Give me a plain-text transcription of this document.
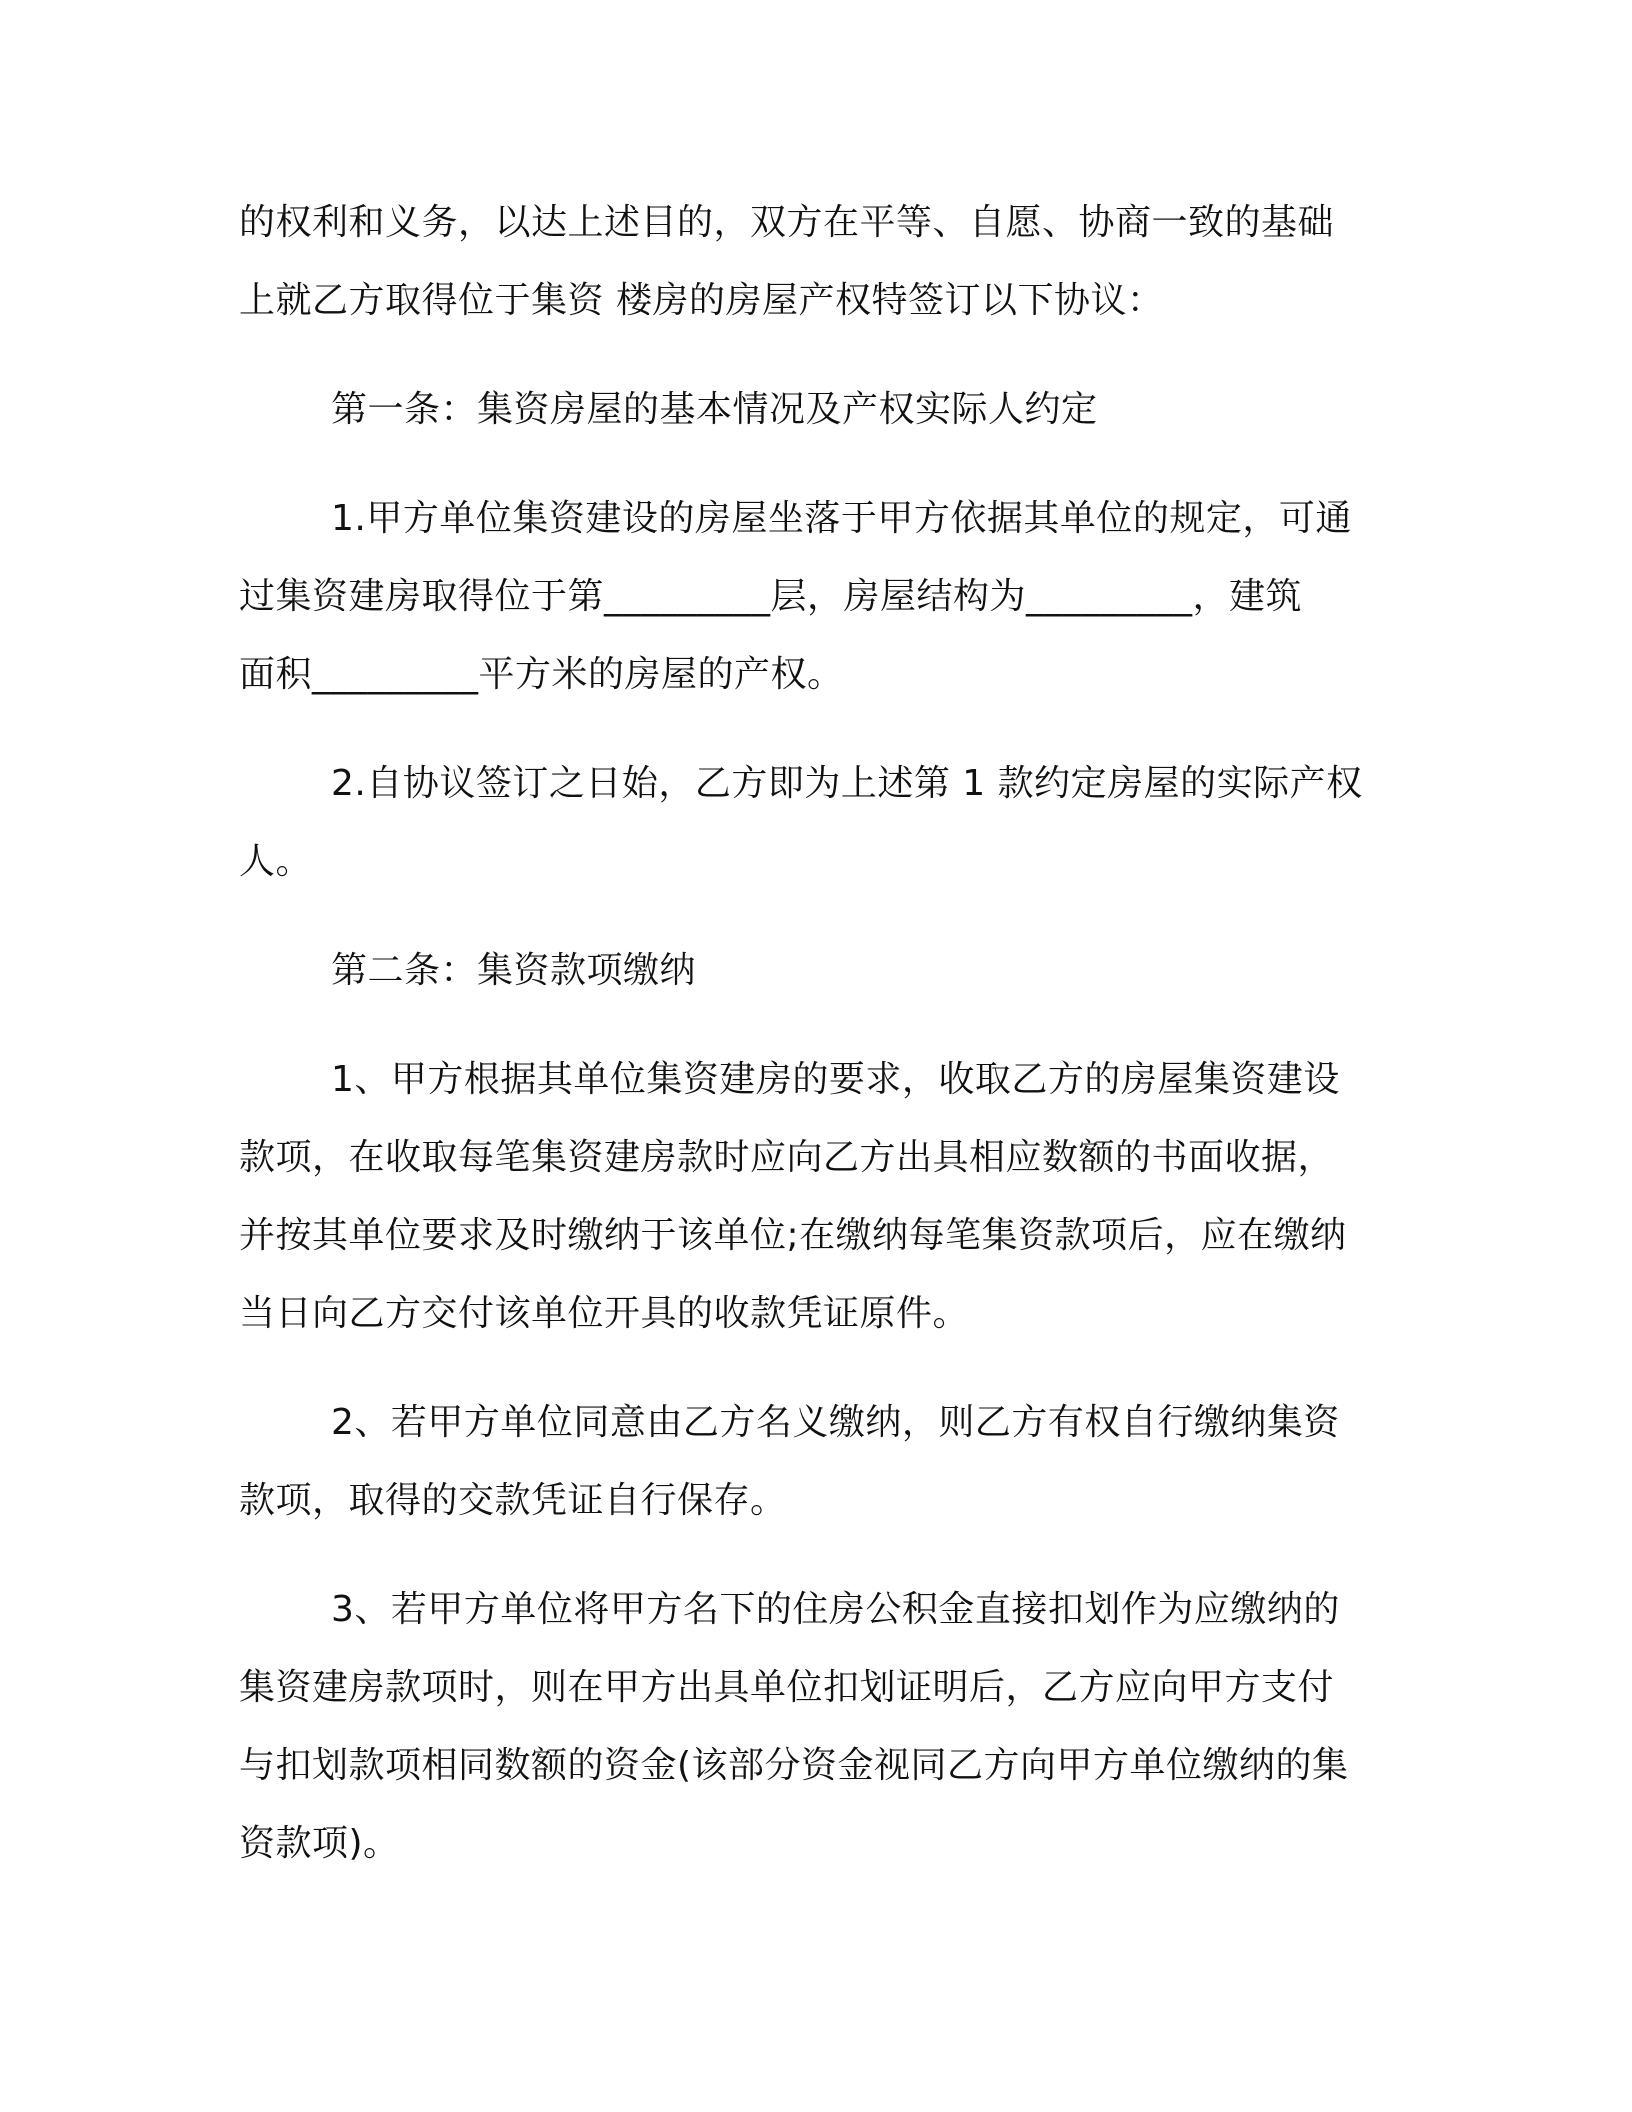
的权利和义务，以达上述目的，双方在平等、自愿、协商一致的基础
上就乙方取得位于集资 楼房的房屋产权特签订以下协议：

第一条：集资房屋的基本情况及产权实际人约定

1.甲方单位集资建设的房屋坐落于甲方依据其单位的规定，可通
过集资建房取得位于第_________层，房屋结构为_________，建筑
面积_________平方米的房屋的产权。

2.自协议签订之日始，乙方即为上述第 1 款约定房屋的实际产权
人。

第二条：集资款项缴纳

1、甲方根据其单位集资建房的要求，收取乙方的房屋集资建设
款项，在收取每笔集资建房款时应向乙方出具相应数额的书面收据，
并按其单位要求及时缴纳于该单位;在缴纳每笔集资款项后，应在缴纳
当日向乙方交付该单位开具的收款凭证原件。

2、若甲方单位同意由乙方名义缴纳，则乙方有权自行缴纳集资
款项，取得的交款凭证自行保存。

3、若甲方单位将甲方名下的住房公积金直接扣划作为应缴纳的
集资建房款项时，则在甲方出具单位扣划证明后，乙方应向甲方支付
与扣划款项相同数额的资金(该部分资金视同乙方向甲方单位缴纳的集
资款项)。
